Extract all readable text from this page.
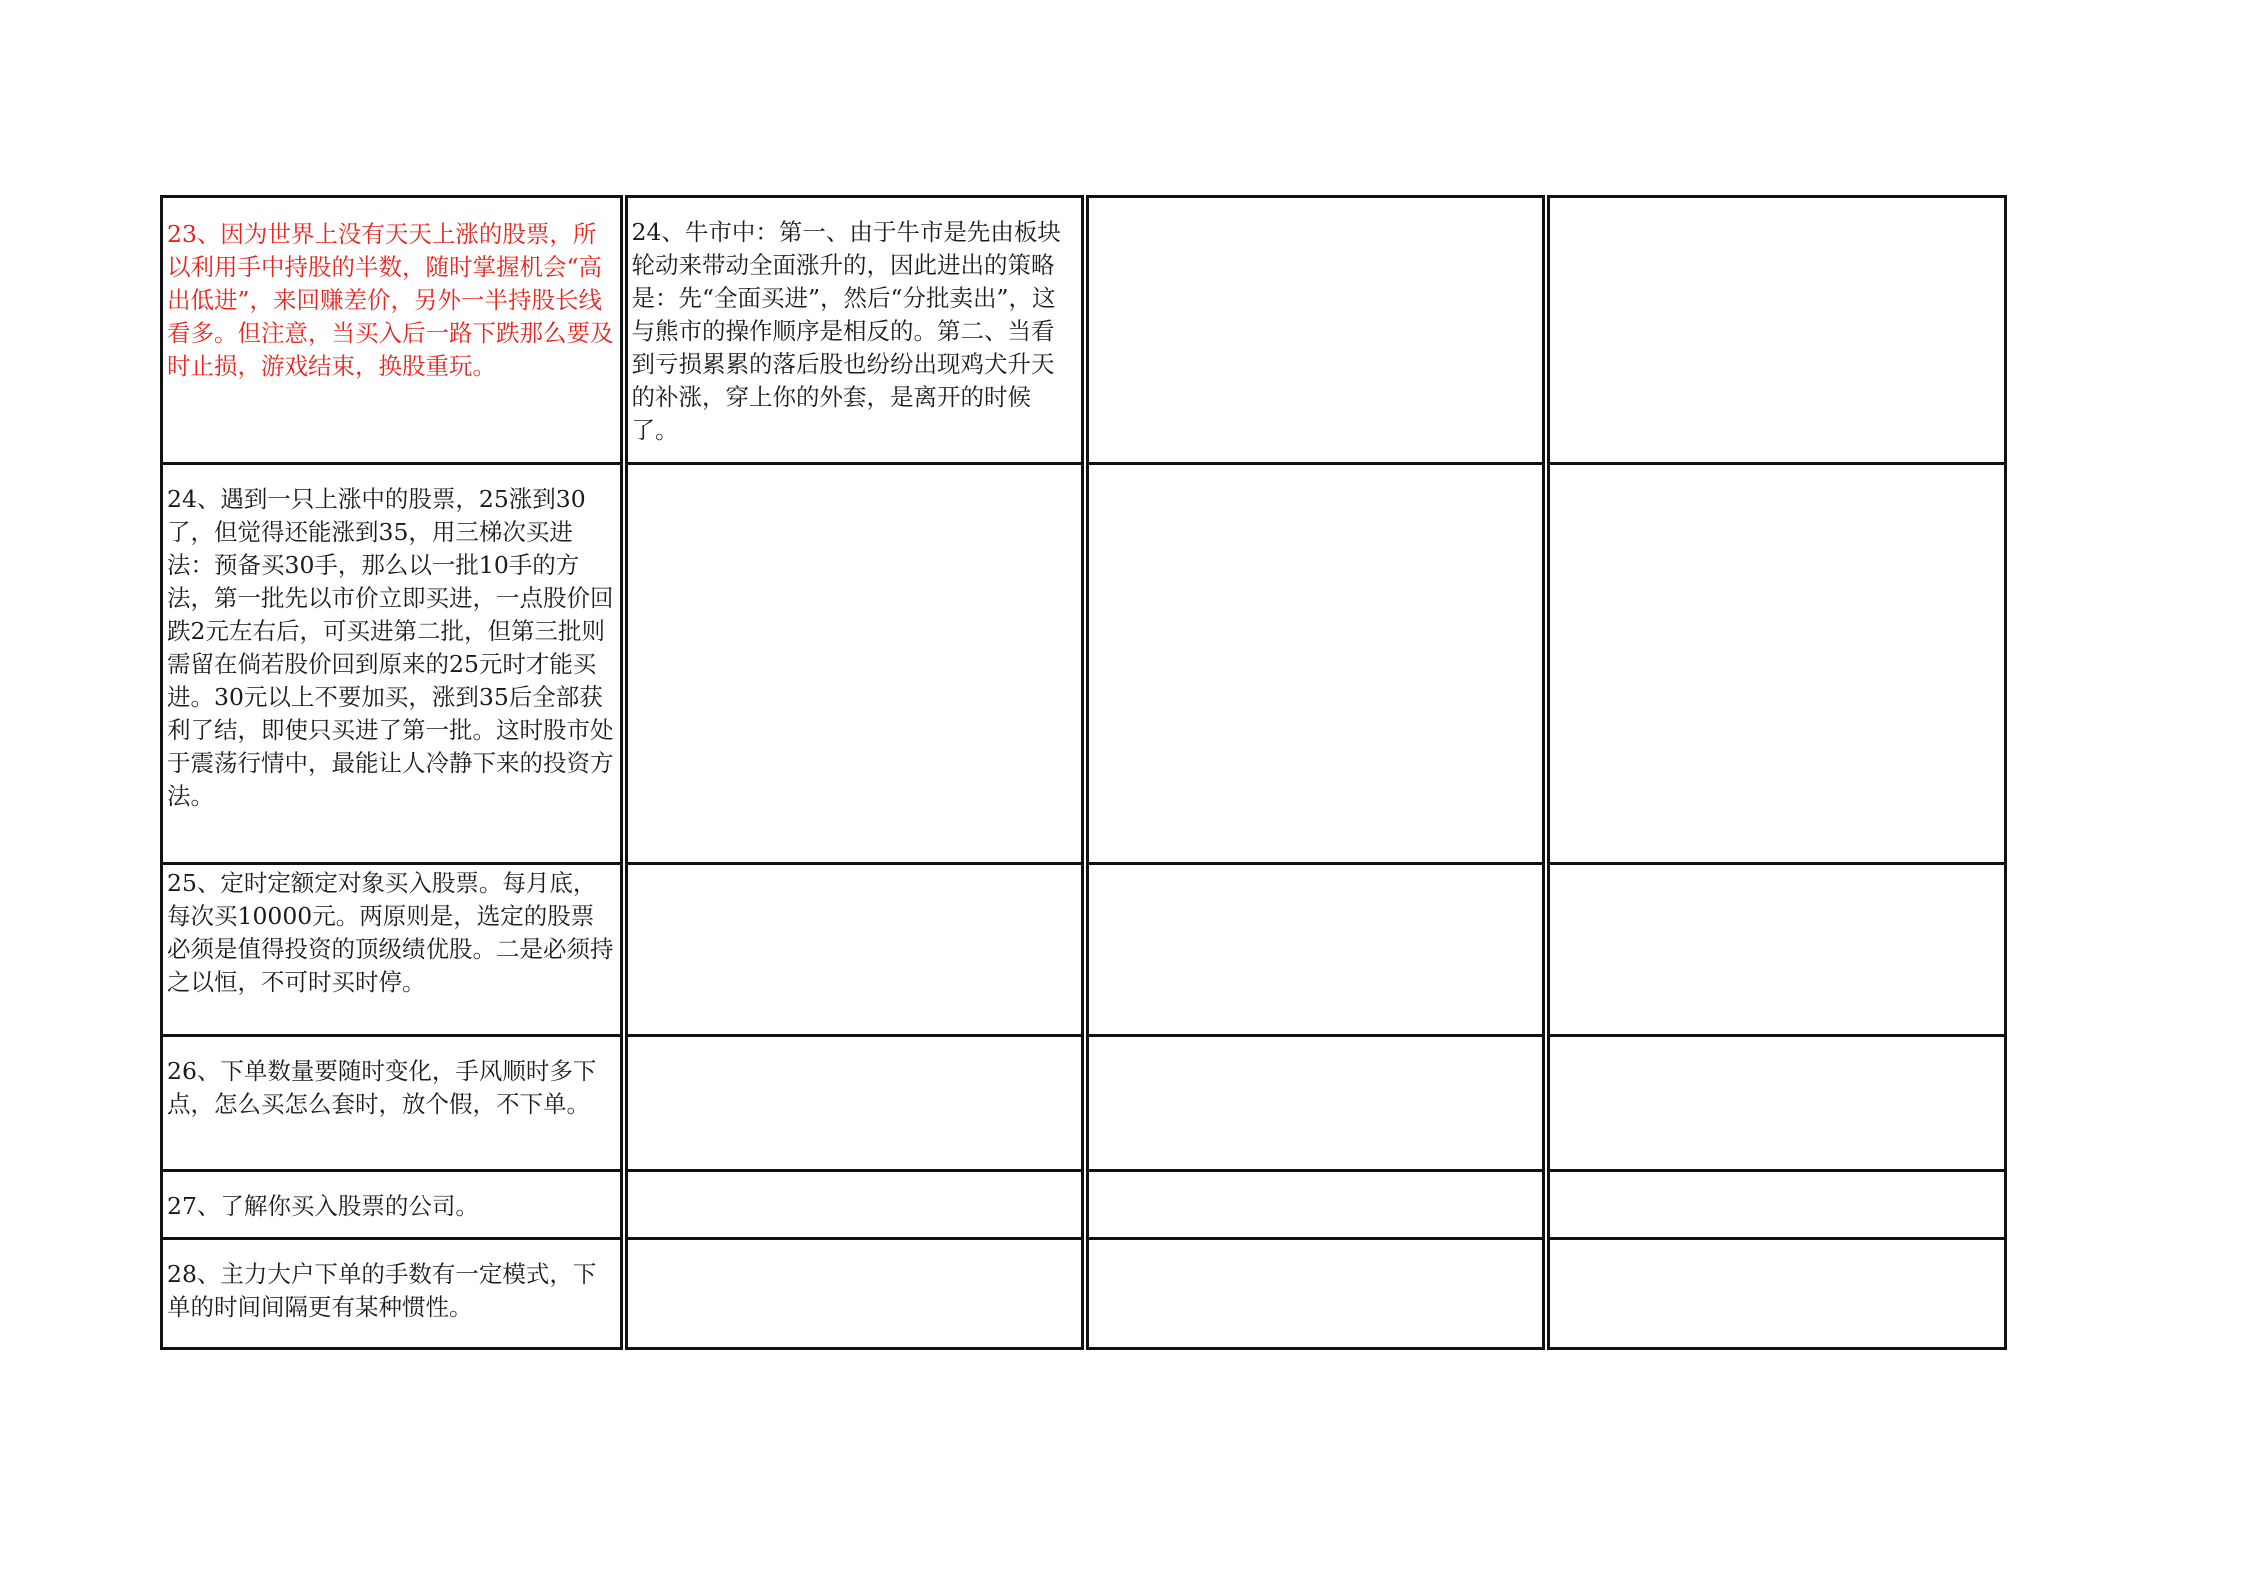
23、因为世界上没有天天上涨的股票，所以利用手中持股的半数，随时掌握机会“高出低进”，来回赚差价，另外一半持股长线看多。但注意，当买入后一路下跌那么要及时止损，游戏结束，换股重玩。	24、牛市中：第一、由于牛市是先由板块轮动来带动全面涨升的，因此进出的策略是：先“全面买进”，然后“分批卖出”，这与熊市的操作顺序是相反的。第二、当看到亏损累累的落后股也纷纷出现鸡犬升天的补涨，穿上你的外套，是离开的时候了。		

24、遇到一只上涨中的股票，25涨到30了，但觉得还能涨到35，用三梯次买进法：预备买30手，那么以一批10手的方法，第一批先以市价立即买进，一点股价回跌2元左右后，可买进第二批，但第三批则需留在倘若股价回到原来的25元时才能买进。30元以上不要加买，涨到35后全部获利了结，即使只买进了第一批。这时股市处于震荡行情中，最能让人冷静下来的投资方法。			

25、定时定额定对象买入股票。每月底，每次买10000元。两原则是，选定的股票必须是值得投资的顶级绩优股。二是必须持之以恒，不可时买时停。			

26、下单数量要随时变化，手风顺时多下点，怎么买怎么套时，放个假，不下单。			

27、了解你买入股票的公司。			

28、主力大户下单的手数有一定模式，下单的时间间隔更有某种惯性。			
